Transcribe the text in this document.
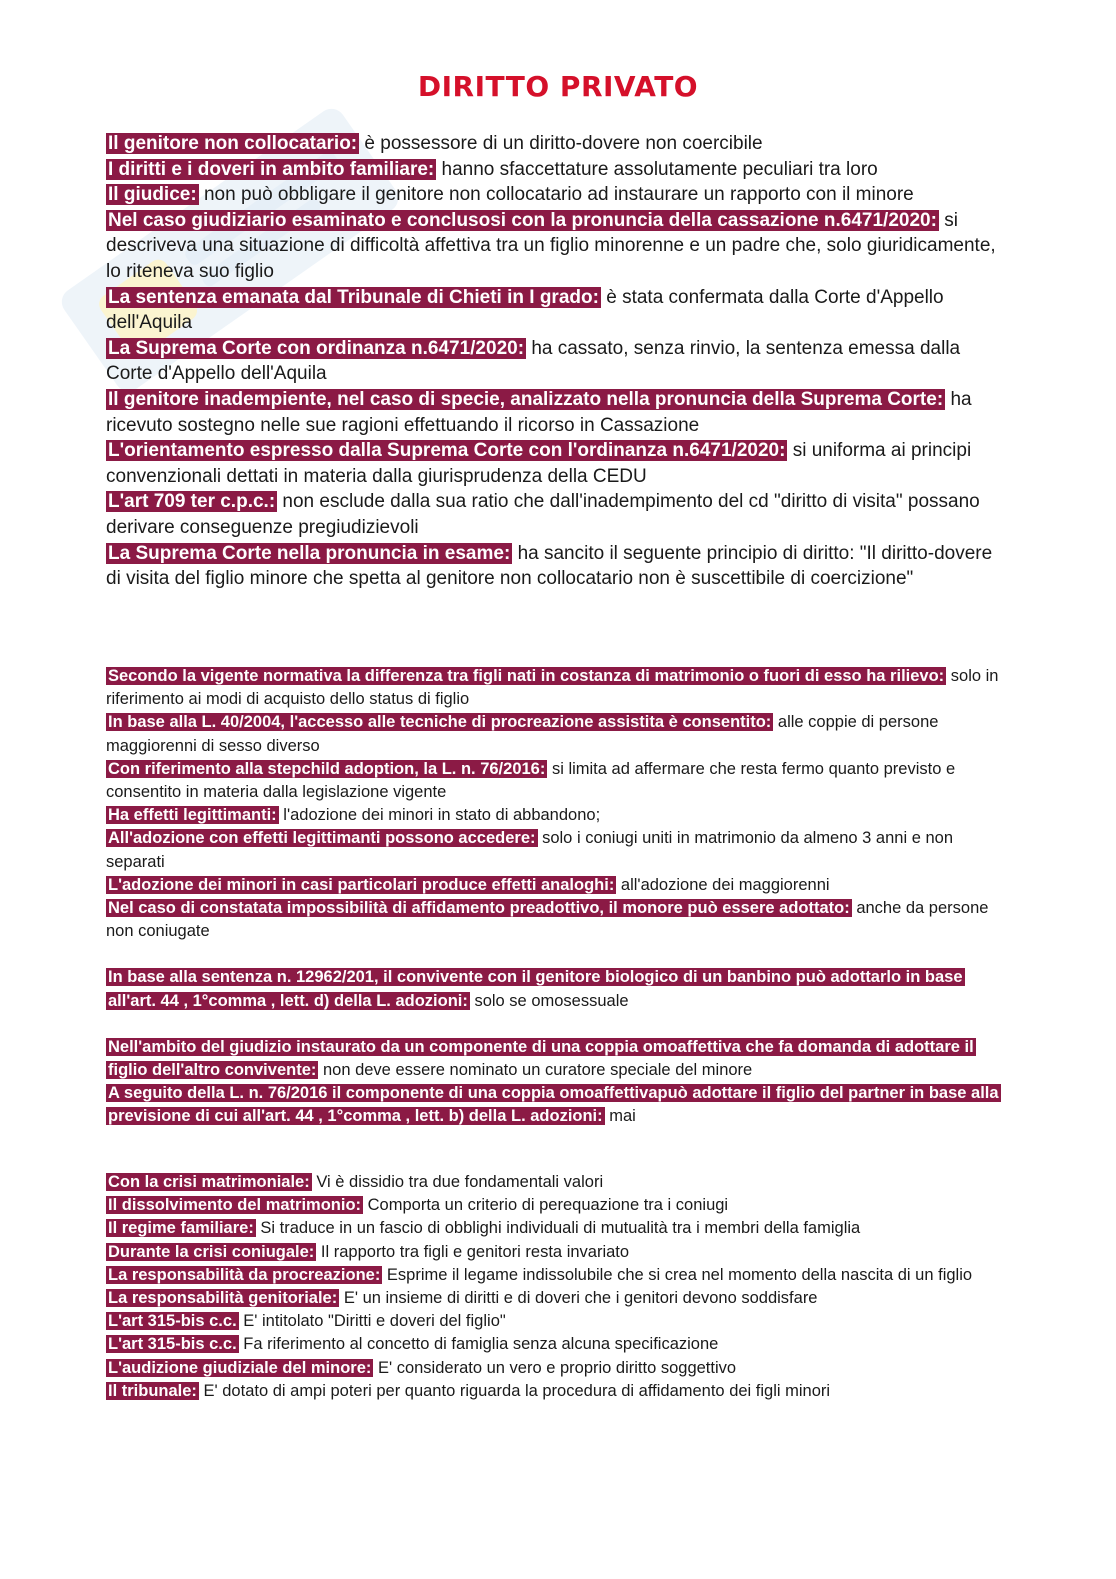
DIRITTO PRIVATO
Il genitore non collocatario: è possessore di un diritto-dovere non coercibile
I diritti e i doveri in ambito familiare: hanno sfaccettature assolutamente peculiari tra loro
Il giudice: non può obbligare il genitore non collocatario ad instaurare un rapporto con il minore
Nel caso giudiziario esaminato e conclusosi con la pronuncia della cassazione n.6471/2020: si descriveva una situazione di difficoltà affettiva tra un figlio minorenne e un padre che, solo giuridicamente, lo riteneva suo figlio
La sentenza emanata dal Tribunale di Chieti in I grado: è stata confermata dalla Corte d'Appello dell'Aquila
La Suprema Corte con ordinanza n.6471/2020: ha cassato, senza rinvio, la sentenza emessa dalla Corte d'Appello dell'Aquila
Il genitore inadempiente, nel caso di specie, analizzato nella pronuncia della Suprema Corte: ha ricevuto sostegno nelle sue ragioni effettuando il ricorso in Cassazione
L'orientamento espresso dalla Suprema Corte con l'ordinanza n.6471/2020: si uniforma ai principi convenzionali dettati in materia dalla giurisprudenza della CEDU
L'art 709 ter c.p.c.: non esclude dalla sua ratio che dall'inadempimento del cd "diritto di visita" possano derivare conseguenze pregiudizievoli
La Suprema Corte nella pronuncia in esame: ha sancito il seguente principio di diritto: "Il diritto-dovere di visita del figlio minore che spetta al genitore non collocatario non è suscettibile di coercizione"
Secondo la vigente normativa la differenza tra figli nati in costanza di matrimonio o fuori di esso ha rilievo: solo in riferimento ai modi di acquisto dello status di figlio
In base alla L. 40/2004, l'accesso alle tecniche di procreazione assistita è consentito: alle coppie di persone maggiorenni di sesso diverso
Con riferimento alla stepchild adoption, la L. n. 76/2016: si limita ad affermare che resta fermo quanto previsto e consentito in materia dalla legislazione vigente
Ha effetti legittimanti: l'adozione dei minori in stato di abbandono;
All'adozione con effetti legittimanti possono accedere: solo i coniugi uniti in matrimonio da almeno 3 anni e non separati
L'adozione dei minori in casi particolari produce effetti analoghi: all'adozione dei maggiorenni
Nel caso di constatata impossibilità di affidamento preadottivo, il monore può essere adottato: anche da persone non coniugate
In base alla sentenza n. 12962/201, il convivente con il genitore biologico di un banbino può adottarlo in base all'art. 44 , 1°comma , lett. d) della L. adozioni: solo se omosessuale
Nell'ambito del giudizio instaurato da un componente di una coppia omoaffettiva che fa domanda di adottare il figlio dell'altro convivente: non deve essere nominato un curatore speciale del minore
A seguito della L. n. 76/2016 il componente di una coppia omoaffettivapuò adottare il figlio del partner in base alla previsione di cui all'art. 44 , 1°comma , lett. b) della L. adozioni: mai
Con la crisi matrimoniale: Vi è dissidio tra due fondamentali valori
Il dissolvimento del matrimonio: Comporta un criterio di perequazione tra i coniugi
Il regime familiare: Si traduce in un fascio di obblighi individuali di mutualità tra i membri della famiglia
Durante la crisi coniugale: Il rapporto tra figli e genitori resta invariato
La responsabilità da procreazione: Esprime il legame indissolubile che si crea nel momento della nascita di un figlio
La responsabilità genitoriale: E' un insieme di diritti e di doveri che i genitori devono soddisfare
L'art 315-bis c.c. E' intitolato "Diritti e doveri del figlio"
L'art 315-bis c.c. Fa riferimento al concetto di famiglia senza alcuna specificazione
L'audizione giudiziale del minore: E' considerato un vero e proprio diritto soggettivo
Il tribunale: E' dotato di ampi poteri per quanto riguarda la procedura di affidamento dei figli minori
